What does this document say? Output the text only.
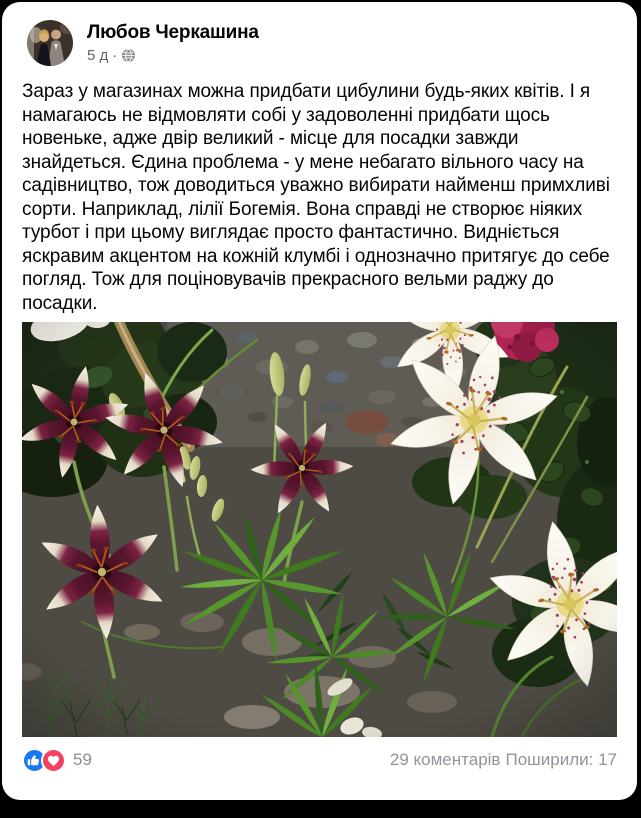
Любов Черкашина
5 д ·

Зараз у магазинах можна придбати цибулини будь-яких квітів. І я намагаюсь не відмовляти собі у задоволенні придбати щось новеньке, адже двір великий - місце для посадки завжди знайдеться. Єдина проблема - у мене небагато вільного часу на садівництво, тож доводиться уважно вибирати найменш примхливі сорти. Наприклад, лілії Богемія. Вона справді не створює ніяких турбот і при цьому виглядає просто фантастично. Видніється яскравим акцентом на кожній клумбі і однозначно притягує до себе погляд. Тож для поціновувачів прекрасного вельми раджу до посадки.

59	29 коментарів Поширили: 17
